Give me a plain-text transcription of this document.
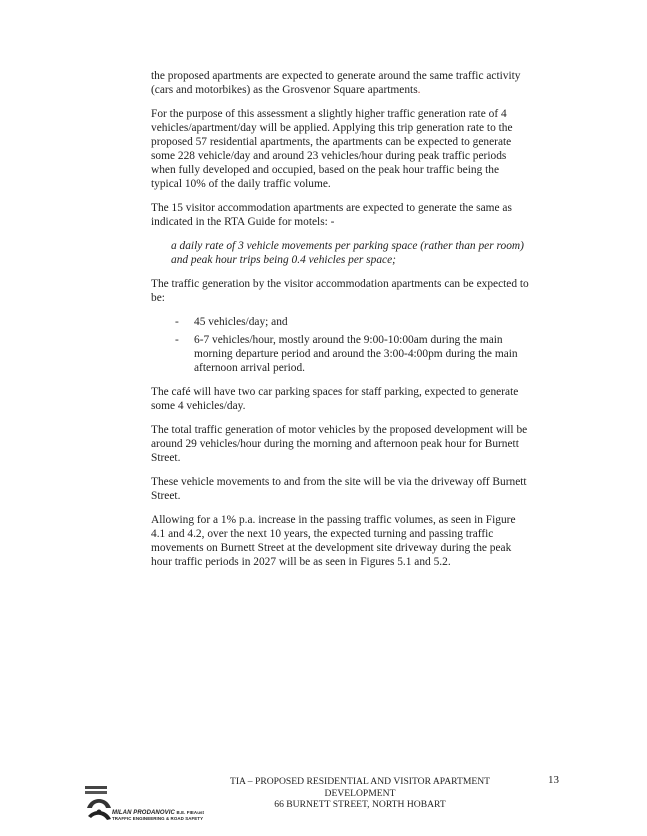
the proposed apartments are expected to generate around the same traffic activity (cars and motorbikes) as the Grosvenor Square apartments.

For the purpose of this assessment a slightly higher traffic generation rate of 4 vehicles/apartment/day will be applied. Applying this trip generation rate to the proposed 57 residential apartments, the apartments can be expected to generate some 228 vehicle/day and around 23 vehicles/hour during peak traffic periods when fully developed and occupied, based on the peak hour traffic being the typical 10% of the daily traffic volume.

The 15 visitor accommodation apartments are expected to generate the same as indicated in the RTA Guide for motels: -

a daily rate of 3 vehicle movements per parking space (rather than per room) and peak hour trips being 0.4 vehicles per space;

The traffic generation by the visitor accommodation apartments can be expected to be:

- 45 vehicles/day; and
- 6-7 vehicles/hour, mostly around the 9:00-10:00am during the main morning departure period and around the 3:00-4:00pm during the main afternoon arrival period.

The café will have two car parking spaces for staff parking, expected to generate some 4 vehicles/day.

The total traffic generation of motor vehicles by the proposed development will be around 29 vehicles/hour during the morning and afternoon peak hour for Burnett Street.

These vehicle movements to and from the site will be via the driveway off Burnett Street.

Allowing for a 1% p.a. increase in the passing traffic volumes, as seen in Figure 4.1 and 4.2, over the next 10 years, the expected turning and passing traffic movements on Burnett Street at the development site driveway during the peak hour traffic periods in 2027 will be as seen in Figures 5.1 and 5.2.

MILAN PRODANOVIC B.E. FIEAust
TRAFFIC ENGINEERING & ROAD SAFETY
TIA – PROPOSED RESIDENTIAL AND VISITOR APARTMENT
DEVELOPMENT
66 BURNETT STREET, NORTH HOBART
13
